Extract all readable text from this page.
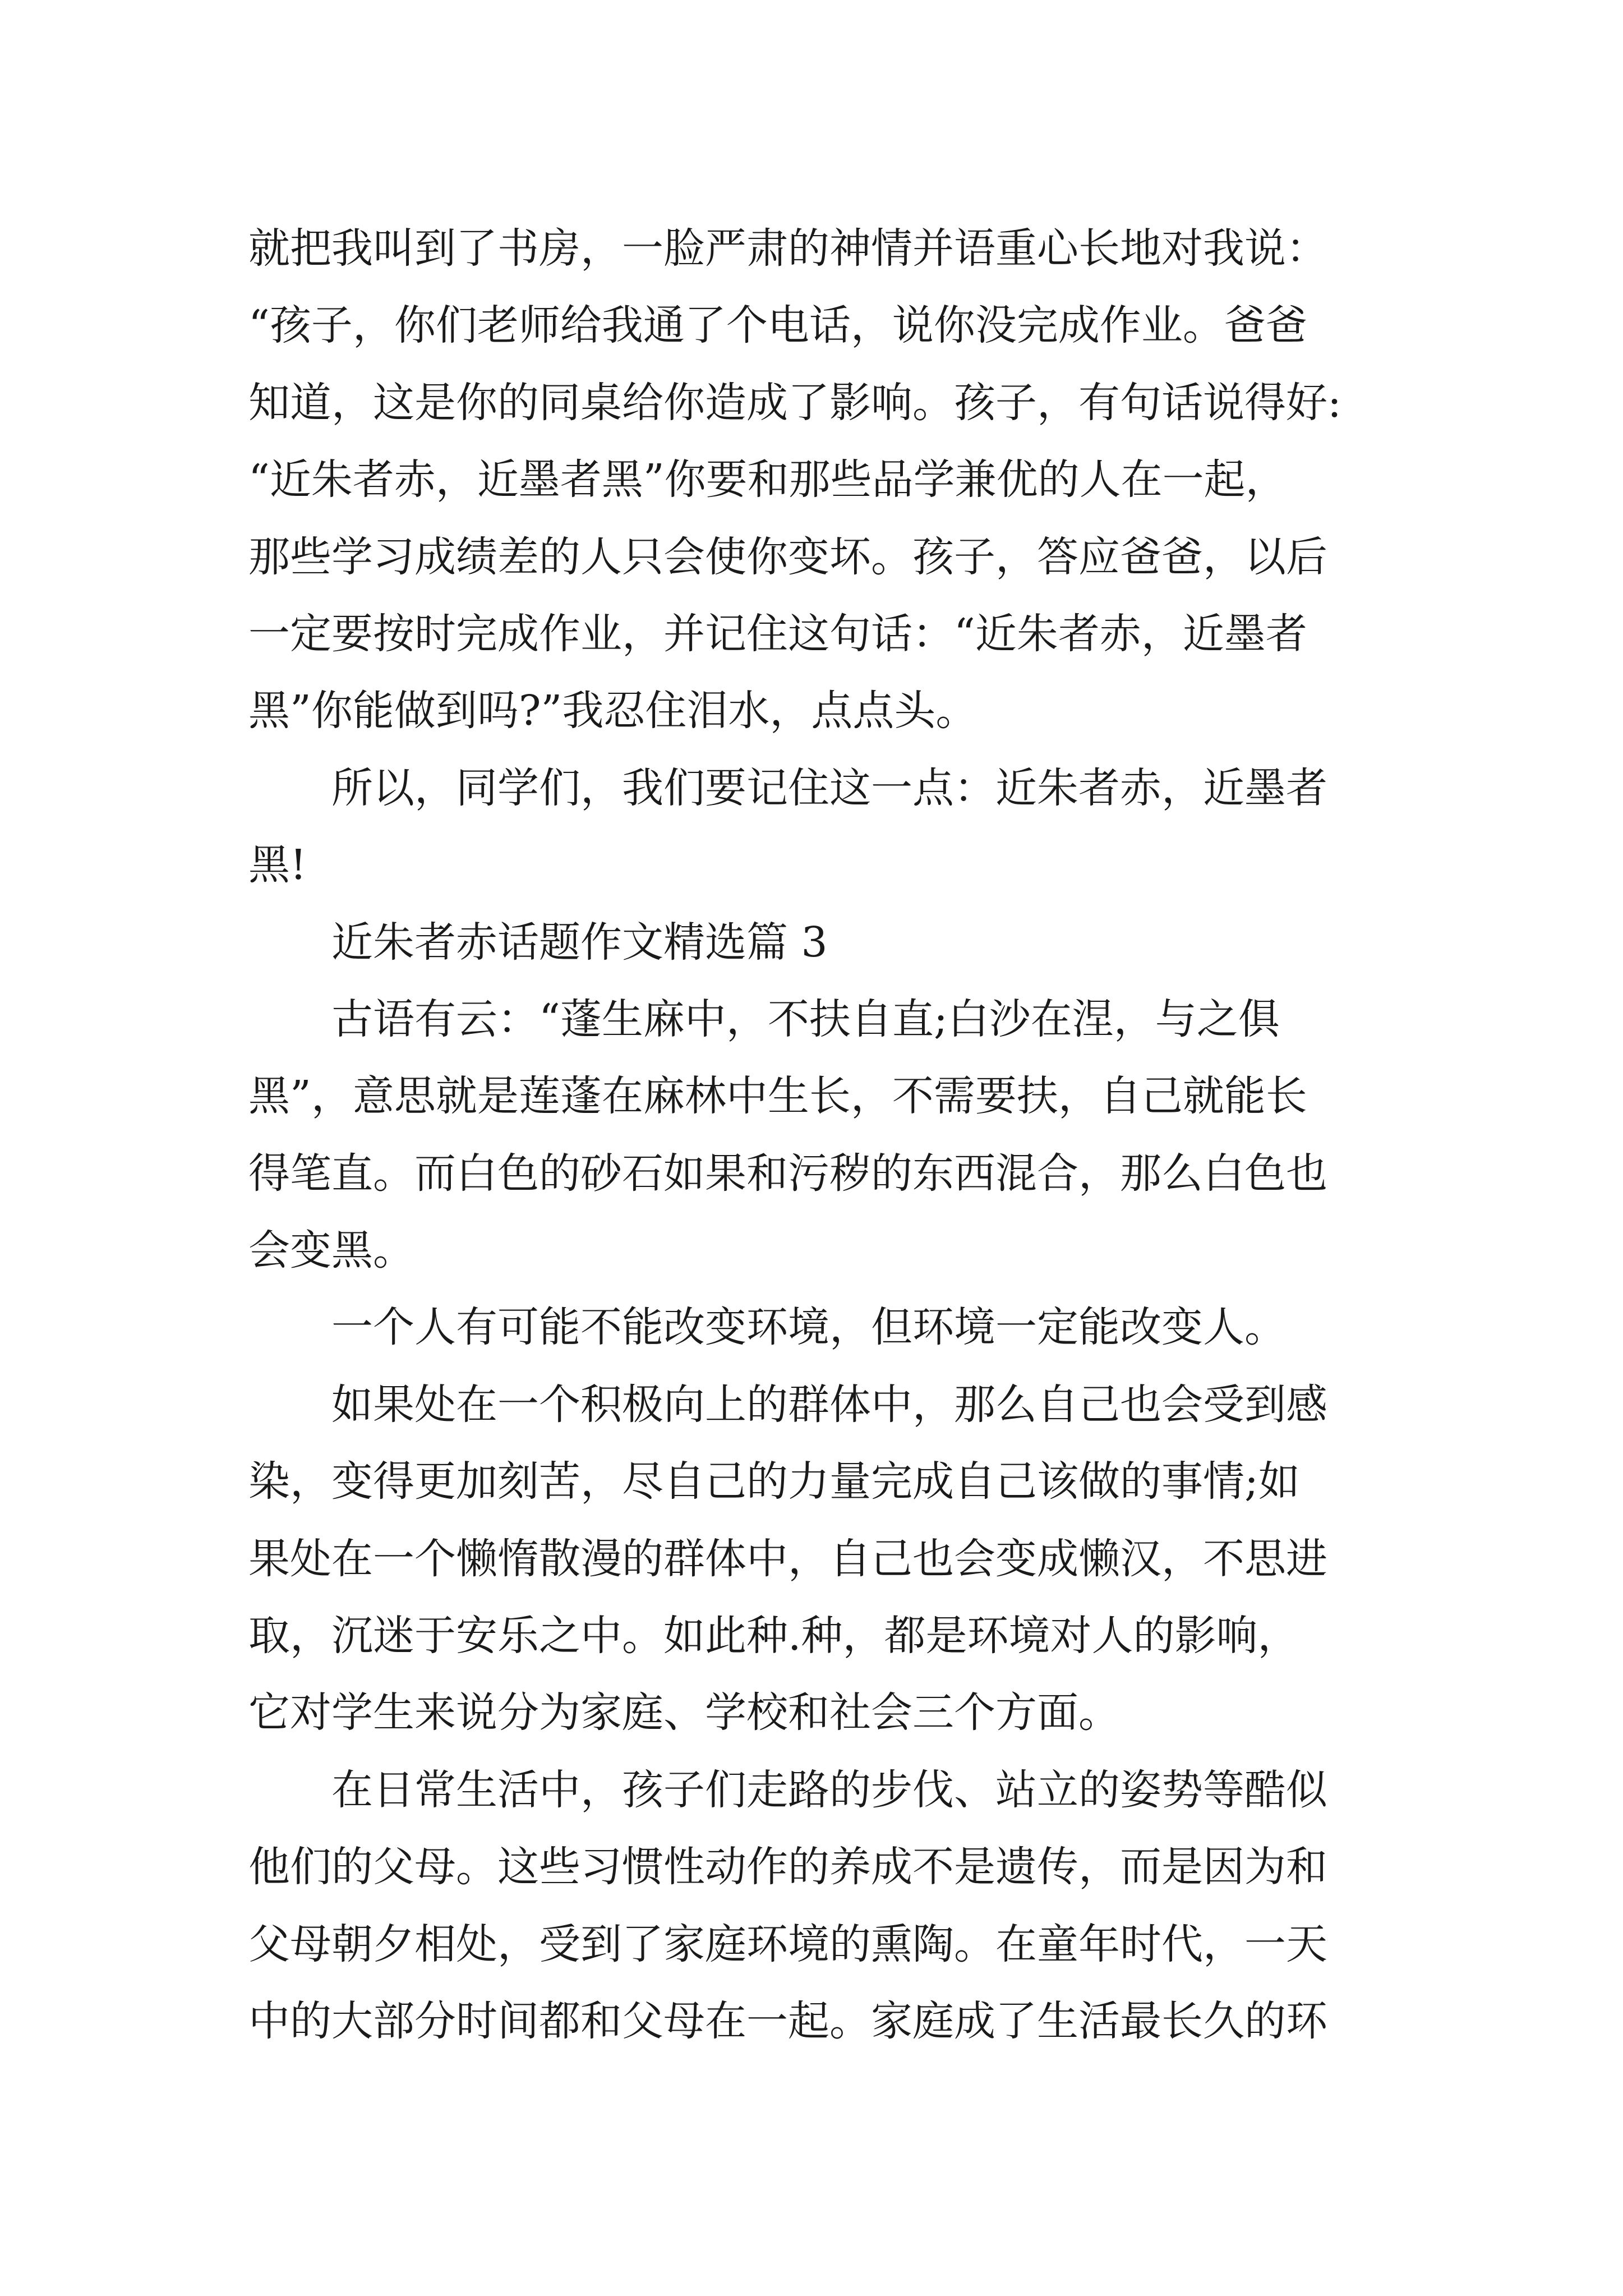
就把我叫到了书房，一脸严肃的神情并语重心长地对我说：
“孩子，你们老师给我通了个电话，说你没完成作业。爸爸
知道，这是你的同桌给你造成了影响。孩子，有句话说得好:
“近朱者赤，近墨者黑”你要和那些品学兼优的人在一起，
那些学习成绩差的人只会使你变坏。孩子，答应爸爸，以后
一定要按时完成作业，并记住这句话：“近朱者赤，近墨者
黑”你能做到吗?”我忍住泪水，点点头。
所以，同学们，我们要记住这一点：近朱者赤，近墨者
黑!
近朱者赤话题作文精选篇 3
古语有云：“蓬生麻中，不扶自直;白沙在涅，与之俱
黑”，意思就是莲蓬在麻林中生长，不需要扶，自己就能长
得笔直。而白色的砂石如果和污秽的东西混合，那么白色也
会变黑。
一个人有可能不能改变环境，但环境一定能改变人。
如果处在一个积极向上的群体中，那么自己也会受到感
染，变得更加刻苦，尽自己的力量完成自己该做的事情;如
果处在一个懒惰散漫的群体中，自己也会变成懒汉，不思进
取，沉迷于安乐之中。如此种.种，都是环境对人的影响，
它对学生来说分为家庭、学校和社会三个方面。
在日常生活中，孩子们走路的步伐、站立的姿势等酷似
他们的父母。这些习惯性动作的养成不是遗传，而是因为和
父母朝夕相处，受到了家庭环境的熏陶。在童年时代，一天
中的大部分时间都和父母在一起。家庭成了生活最长久的环
